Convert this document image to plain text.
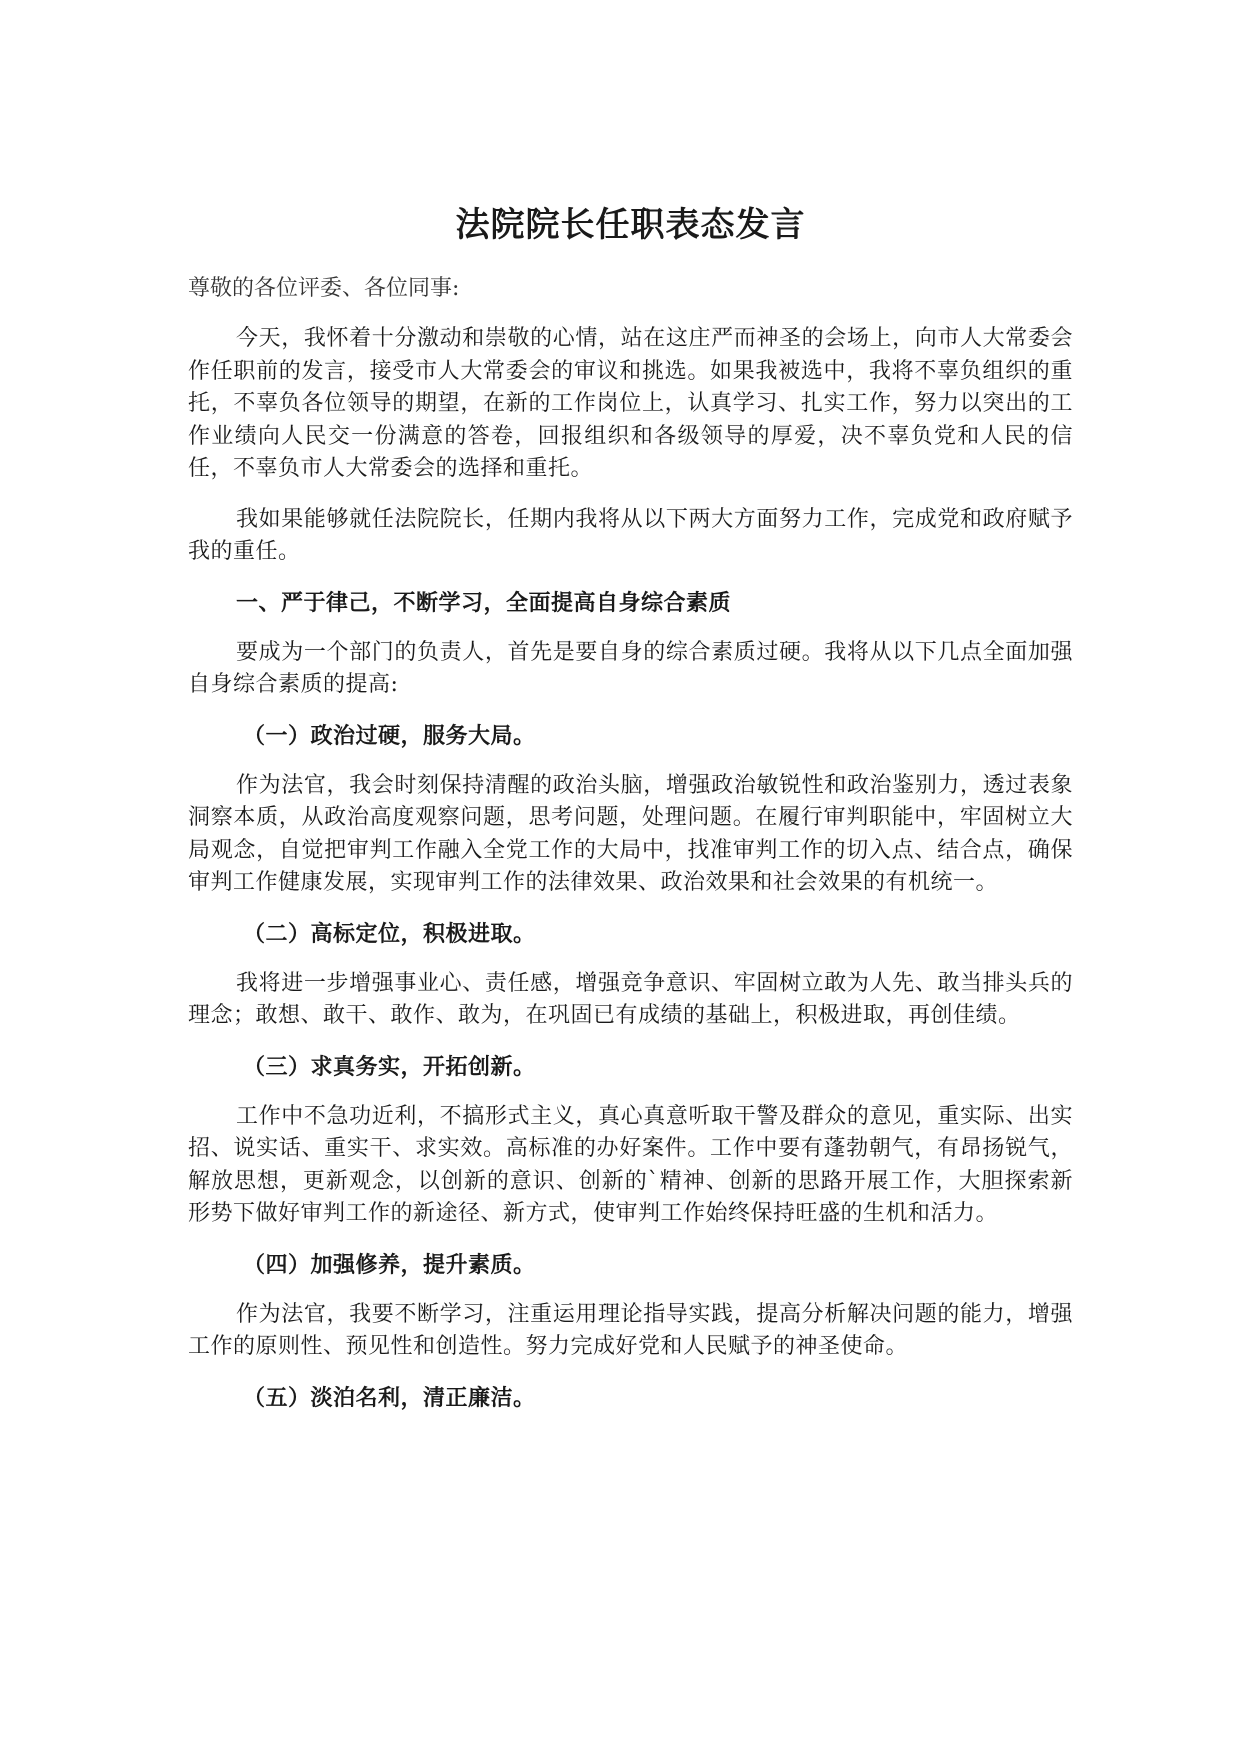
法院院长任职表态发言

尊敬的各位评委、各位同事:

今天，我怀着十分激动和崇敬的心情，站在这庄严而神圣的会场上，向市人大常委会作任职前的发言，接受市人大常委会的审议和挑选。如果我被选中，我将不辜负组织的重托，不辜负各位领导的期望，在新的工作岗位上，认真学习、扎实工作，努力以突出的工作业绩向人民交一份满意的答卷，回报组织和各级领导的厚爱，决不辜负党和人民的信任，不辜负市人大常委会的选择和重托。

我如果能够就任法院院长，任期内我将从以下两大方面努力工作，完成党和政府赋予我的重任。

一、严于律己，不断学习，全面提高自身综合素质

要成为一个部门的负责人，首先是要自身的综合素质过硬。我将从以下几点全面加强自身综合素质的提高:

（一）政治过硬，服务大局。

作为法官，我会时刻保持清醒的政治头脑，增强政治敏锐性和政治鉴别力，透过表象洞察本质，从政治高度观察问题，思考问题，处理问题。在履行审判职能中，牢固树立大局观念，自觉把审判工作融入全党工作的大局中，找准审判工作的切入点、结合点，确保审判工作健康发展，实现审判工作的法律效果、政治效果和社会效果的有机统一。

（二）高标定位，积极进取。

我将进一步增强事业心、责任感，增强竞争意识、牢固树立敢为人先、敢当排头兵的理念；敢想、敢干、敢作、敢为，在巩固已有成绩的基础上，积极进取，再创佳绩。

（三）求真务实，开拓创新。

工作中不急功近利，不搞形式主义，真心真意听取干警及群众的意见，重实际、出实招、说实话、重实干、求实效。高标准的办好案件。工作中要有蓬勃朝气，有昂扬锐气，解放思想，更新观念，以创新的意识、创新的`精神、创新的思路开展工作，大胆探索新形势下做好审判工作的新途径、新方式，使审判工作始终保持旺盛的生机和活力。

（四）加强修养，提升素质。

作为法官，我要不断学习，注重运用理论指导实践，提高分析解决问题的能力，增强工作的原则性、预见性和创造性。努力完成好党和人民赋予的神圣使命。

（五）淡泊名利，清正廉洁。
